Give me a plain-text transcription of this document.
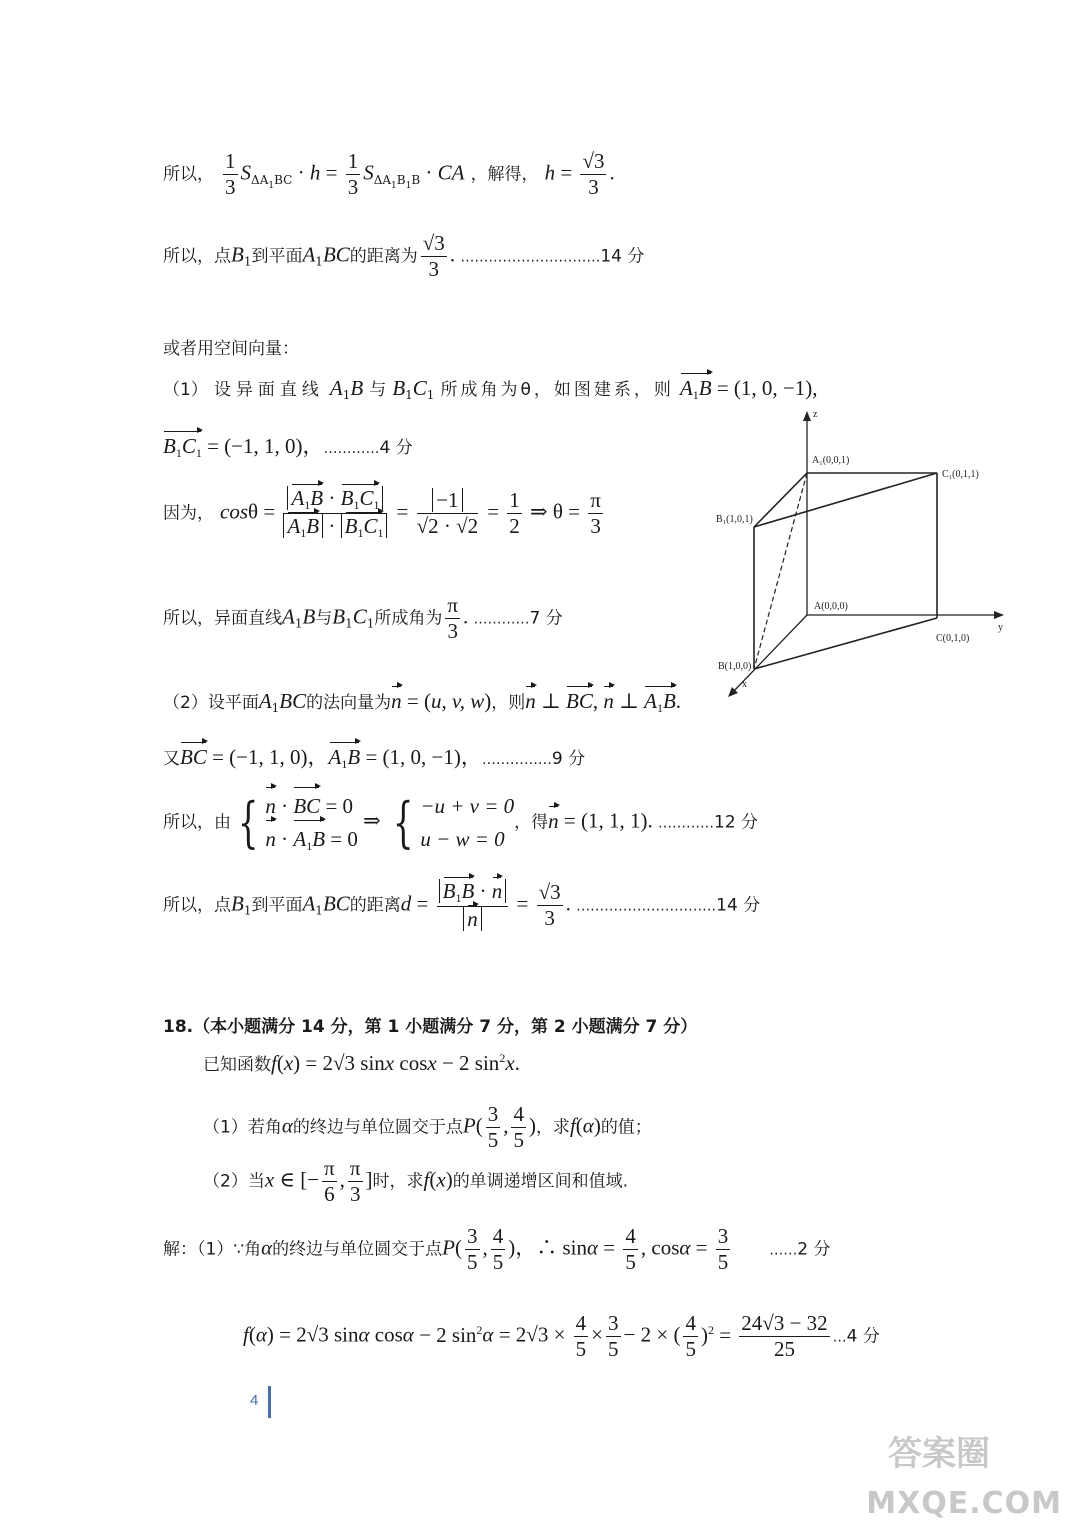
所以， $\frac{1}{3} S_{\Delta A_1BC} \cdot h = \frac{1}{3} S_{\Delta A_1B_1B}$ · CA ，解得， $h = \frac{√3}{3}$ .
所以，点$B_1$到平面$A_1BC$的距离为 $\frac{√3}{3}$ . …………………………14 分
或者用空间向量：
（1） 设异面直线 $A_1B$ 与 $B_1C_1$ 所成角为θ，如图建系，则 $A_1B = (1$, 0, −1),
$B_1C_1 = (-1$, 1, 0)，…………4 分
因为， $\cos\theta = \frac{A_1B \cdot B_1C_1}{A_1B \cdot B_1C_1} = \frac{-1}{√2 \cdot √2} = \frac{1}{2}$ ⇒ $\theta = \frac{\pi}{3}$
所以，异面直线$A_1B$与$B_1C_1$所成角为 $\frac{\pi}{3}$ . …………7 分
z
y
x
A₁(0,0,1)
C₁(0,1,1)
B₁(1,0,1)
A(0,0,0)
C(0,1,0)
B(1,0,0)
（2）设平面$A_1BC$的法向量为n = (u, v, w)，则n ⊥ BC, n ⊥ $A_1B$.
又BC = (−1, 1, 0)，$A_1B = (1$, 0, −1)，……………9 分
所以，由 { n · BC = 0
$n \cdot A_1B = 0$
⇒ { −u + v = 0
u − w = 0
，得n = (1, 1, 1). …………12 分
所以，点$B_1$到平面$A_1BC$的距离$d = \frac{B_1B \cdot n}{n} = \frac{√3}{3}$ . …………………………14 分
18.（本小题满分 14 分，第 1 小题满分 7 分，第 2 小题满分 7 分）
已知函数f(x) = 2√3 sinx cosx − 2 $\sin^2x$.
（1）若角α的终边与单位圆交于点$P( \frac{3}{5}$ , $\frac{4}{5}$ )，求f(α)的值；
（2）当x ∈ [− $\frac{\pi}{6}$ , $\frac{\pi}{3}$ ]时，求f(x)的单调递增区间和值域.
解：（1）∵角α的终边与单位圆交于点$P( \frac{3}{5}$ , $\frac{4}{5}$ )，∴ $\sin\alpha = \frac{4}{5}$ , $\cos\alpha = \frac{3}{5}$	……2 分
f(α) = 2√3 sinα cosα − 2 $\sin^2\alpha = 2√3 \times \frac{4}{5} \times \frac{3}{5} - 2$ × ( $\frac{4}{5} )^2 = \frac{24√3 - 32}{25}$ …4 分
4
答案圈
MXQE.COM
